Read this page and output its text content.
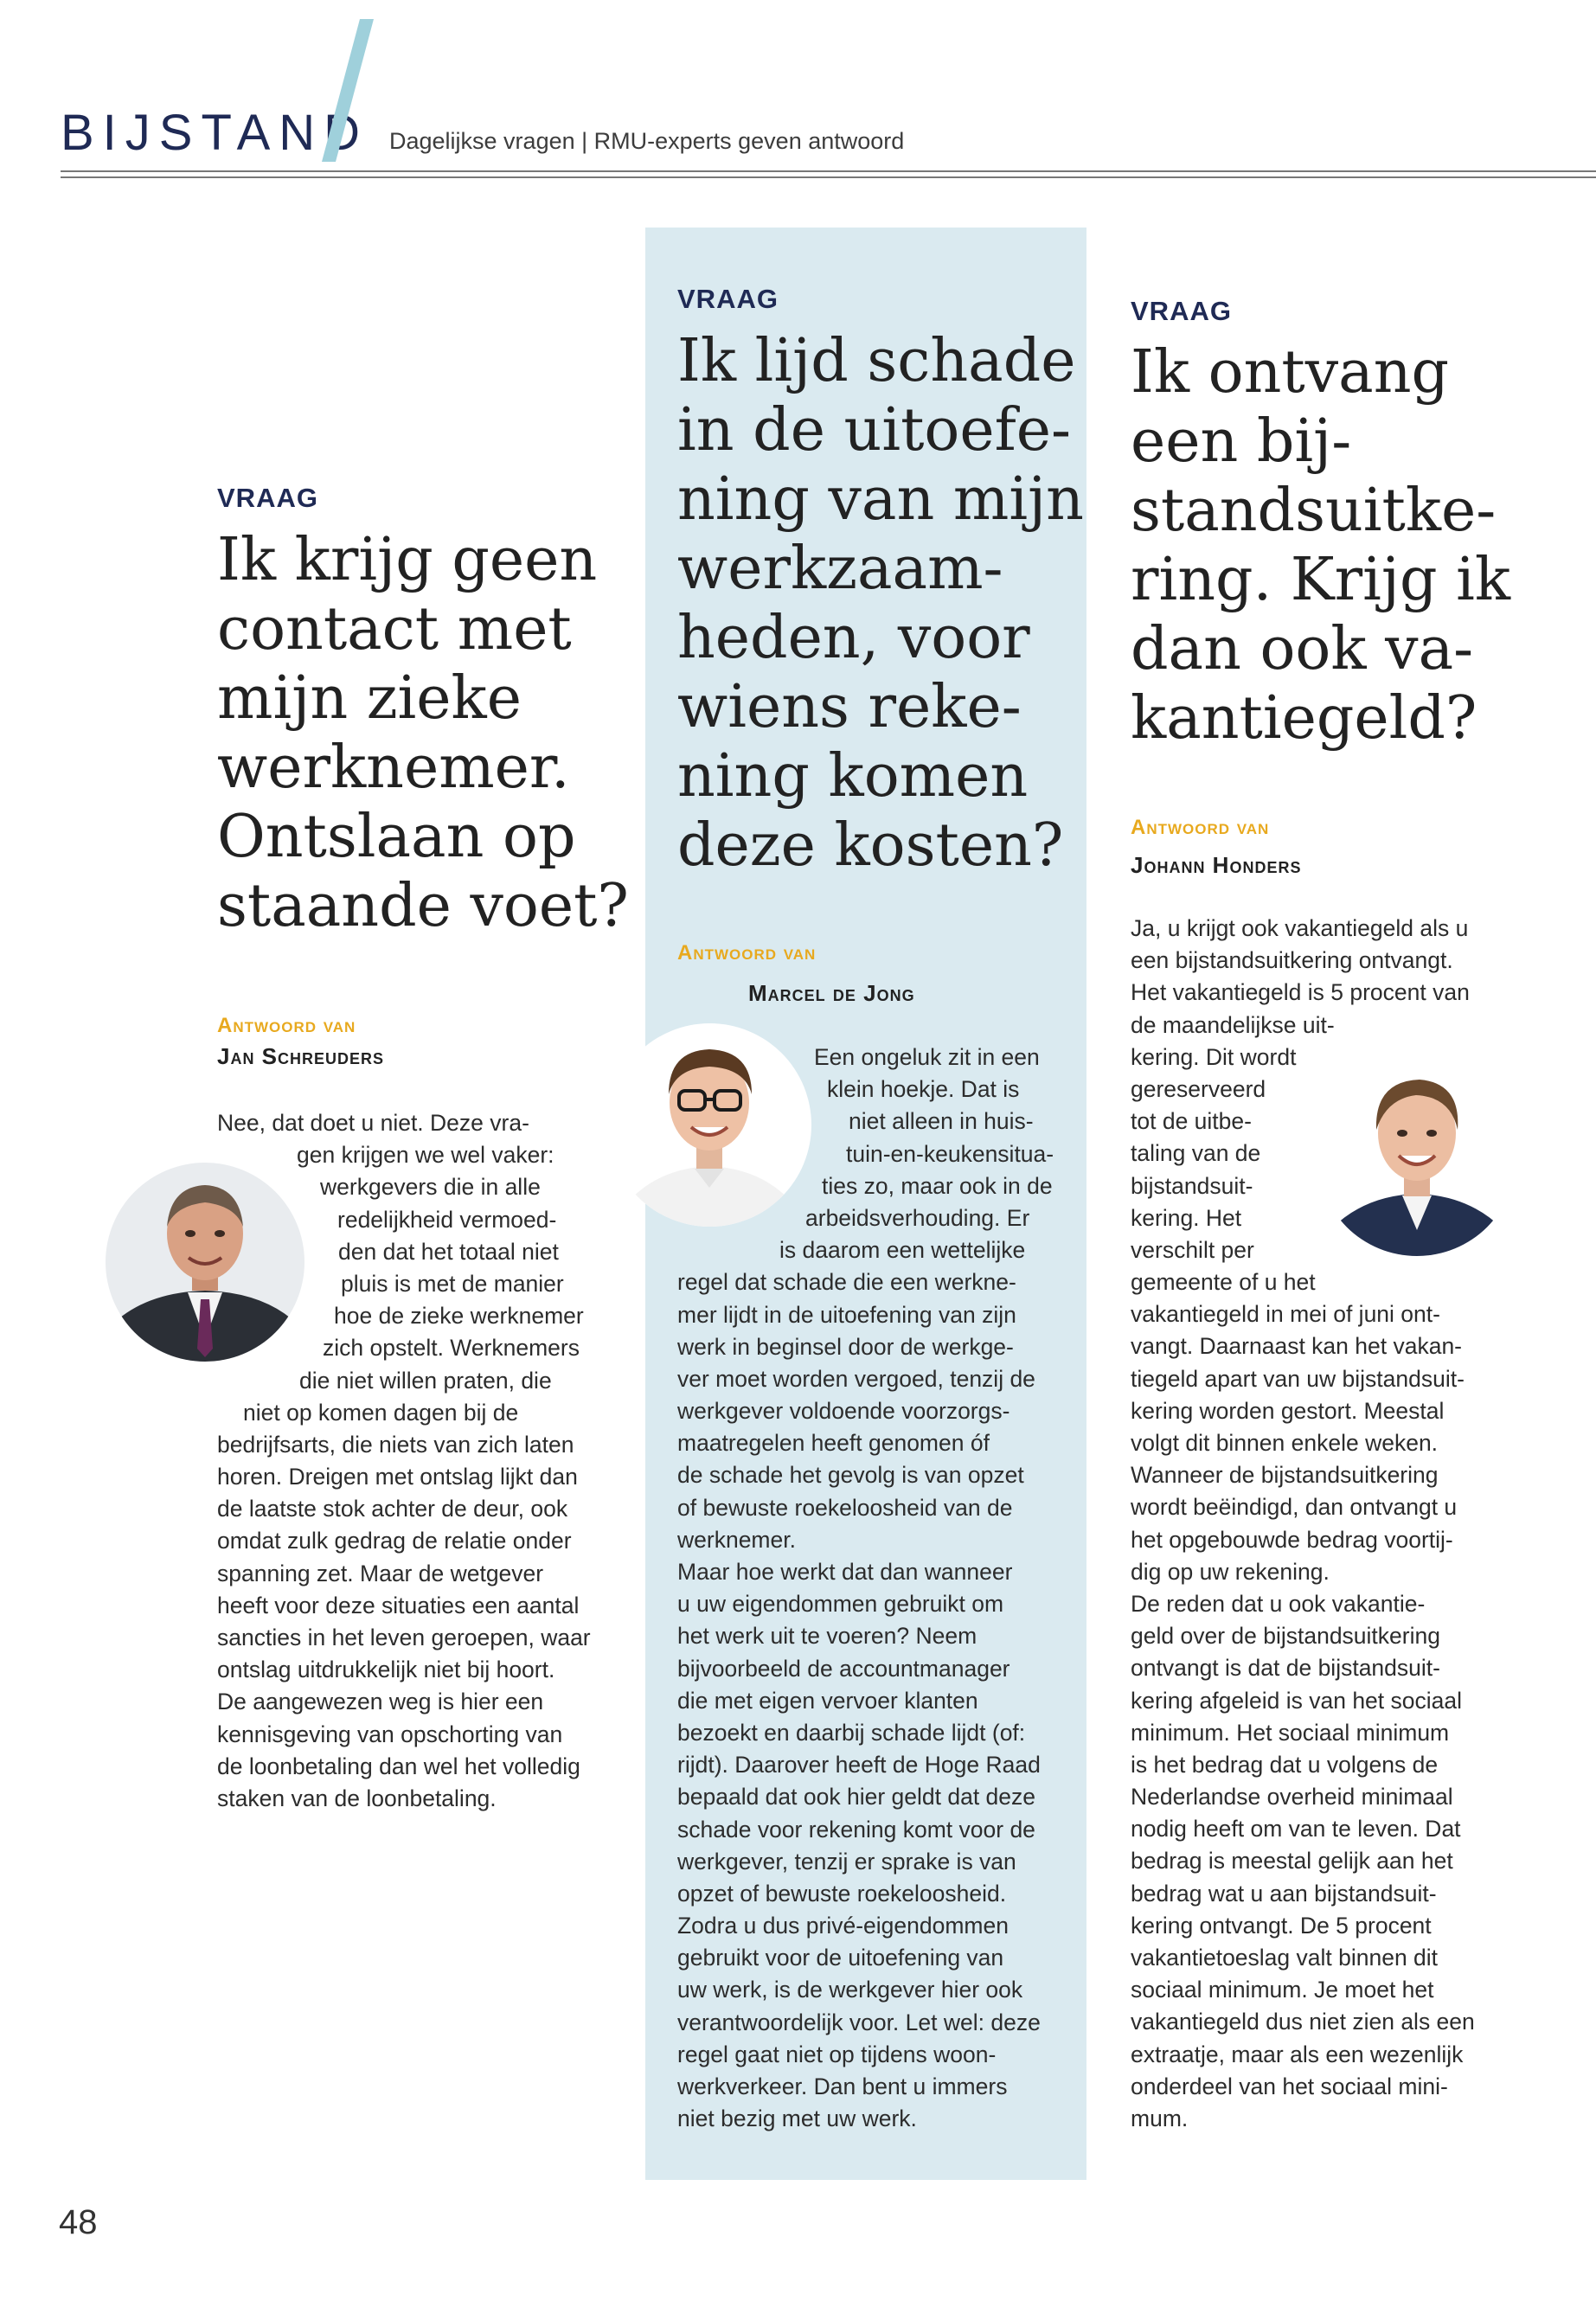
BIJSTAND Dagelijkse vragen | RMU-experts geven antwoord
VRAAG
Ik krijg geen
contact met
mijn zieke
werknemer.
Ontslaan op
staande voet?
Antwoord van
Jan Schreuders
Nee, dat doet u niet. Deze vra-
gen krijgen we wel vaker:
werkgevers die in alle
redelijkheid vermoed-
den dat het totaal niet
pluis is met de manier
hoe de zieke werknemer
zich opstelt. Werknemers
die niet willen praten, die
niet op komen dagen bij de
bedrijfsarts, die niets van zich laten
horen. Dreigen met ontslag lijkt dan
de laatste stok achter de deur, ook
omdat zulk gedrag de relatie onder
spanning zet. Maar de wetgever
heeft voor deze situaties een aantal
sancties in het leven geroepen, waar
ontslag uitdrukkelijk niet bij hoort.
De aangewezen weg is hier een
kennisgeving van opschorting van
de loonbetaling dan wel het volledig
staken van de loonbetaling.
VRAAG
Ik lijd schade
in de uitoefe-
ning van mijn
werkzaam-
heden, voor
wiens reke-
ning komen
deze kosten?
Antwoord van
Marcel de Jong
Een ongeluk zit in een
klein hoekje. Dat is
niet alleen in huis-
tuin-en-keukensitua-
ties zo, maar ook in de
arbeidsverhouding. Er
is daarom een wettelijke
regel dat schade die een werkne-
mer lijdt in de uitoefening van zijn
werk in beginsel door de werkge-
ver moet worden vergoed, tenzij de
werkgever voldoende voorzorgs-
maatregelen heeft genomen óf
de schade het gevolg is van opzet
of bewuste roekeloosheid van de
werknemer.
Maar hoe werkt dat dan wanneer
u uw eigendommen gebruikt om
het werk uit te voeren? Neem
bijvoorbeeld de accountmanager
die met eigen vervoer klanten
bezoekt en daarbij schade lijdt (of:
rijdt). Daarover heeft de Hoge Raad
bepaald dat ook hier geldt dat deze
schade voor rekening komt voor de
werkgever, tenzij er sprake is van
opzet of bewuste roekeloosheid.
Zodra u dus privé-eigendommen
gebruikt voor de uitoefening van
uw werk, is de werkgever hier ook
verantwoordelijk voor. Let wel: deze
regel gaat niet op tijdens woon-
werkverkeer. Dan bent u immers
niet bezig met uw werk.
VRAAG
Ik ontvang
een bij-
standsuitke-
ring. Krijg ik
dan ook va-
kantiegeld?
Antwoord van
Johann Honders
Ja, u krijgt ook vakantiegeld als u
een bijstandsuitkering ontvangt.
Het vakantiegeld is 5 procent van
de maandelijkse uit-
kering. Dit wordt
gereserveerd
tot de uitbe-
taling van de
bijstandsuit-
kering. Het
verschilt per
gemeente of u het
vakantiegeld in mei of juni ont-
vangt. Daarnaast kan het vakan-
tiegeld apart van uw bijstandsuit-
kering worden gestort. Meestal
volgt dit binnen enkele weken.
Wanneer de bijstandsuitkering
wordt beëindigd, dan ontvangt u
het opgebouwde bedrag voortij-
dig op uw rekening.
De reden dat u ook vakantie-
geld over de bijstandsuitkering
ontvangt is dat de bijstandsuit-
kering afgeleid is van het sociaal
minimum. Het sociaal minimum
is het bedrag dat u volgens de
Nederlandse overheid minimaal
nodig heeft om van te leven. Dat
bedrag is meestal gelijk aan het
bedrag wat u aan bijstandsuit-
kering ontvangt. De 5 procent
vakantietoeslag valt binnen dit
sociaal minimum. Je moet het
vakantiegeld dus niet zien als een
extraatje, maar als een wezenlijk
onderdeel van het sociaal mini-
mum.
48
